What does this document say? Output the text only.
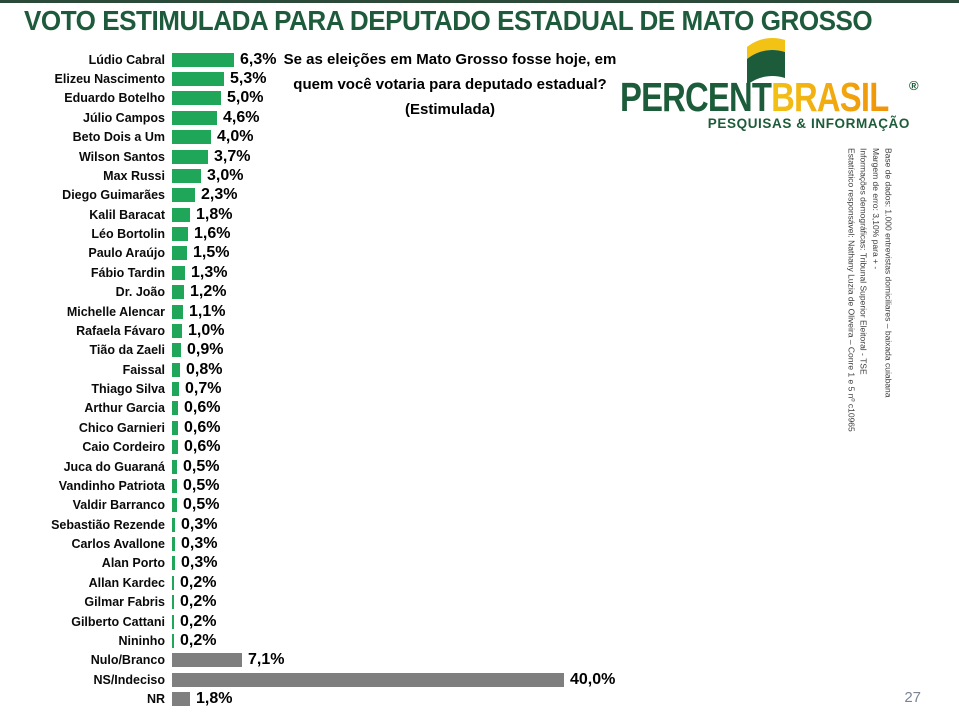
VOTO ESTIMULADA PARA DEPUTADO ESTADUAL DE MATO GROSSO
Lúdio Cabral	6,3%
Elizeu Nascimento	5,3%
Eduardo Botelho	5,0%
Júlio Campos	4,6%
Beto Dois a Um	4,0%
Wilson Santos	3,7%
Max Russi	3,0%
Diego Guimarães 2,3%
Kalil Baracat 1,8%
Léo Bortolin 1,6%
Paulo Araújo 1,5%
Fábio Tardin 1,3%
Dr. João 1,2%
Michelle Alencar 1,1%
Rafaela Fávaro 1,0%
Tião da Zaeli 0,9%
Faissal 0,8%
Thiago Silva 0,7%
Arthur Garcia 0,6%
Chico Garnieri 0,6%
Caio Cordeiro 0,6%
Juca do Guaraná 0,5%
Vandinho Patriota 0,5%
Valdir Barranco 0,5%
Sebastião Rezende 0,3%
Carlos Avallone 0,3%
Alan Porto 0,3%
Allan Kardec 0,2%
Gilmar Fabris 0,2%
Gilberto Cattani 0,2%
Nininho 0,2%
Nulo/Branco	7,1%
NS/Indeciso	40,0%
NR 1,8%
Se as eleições em Mato Grosso fosse hoje, em quem você votaria para deputado estadual? (Estimulada)	PERCENTBRASIL ®
PESQUISAS & INFORMAÇÃO
Base de dados: 1.000 entrevistas domiciliares – baixada cuiabana
Margem de erro: 3,10% para + -
Informações demográficas: Tribunal Superior Eleitoral - TSE
Estatístico responsável: Nathany Luzia de Oliveira – Conre 1 e 5 nº c10965
27
